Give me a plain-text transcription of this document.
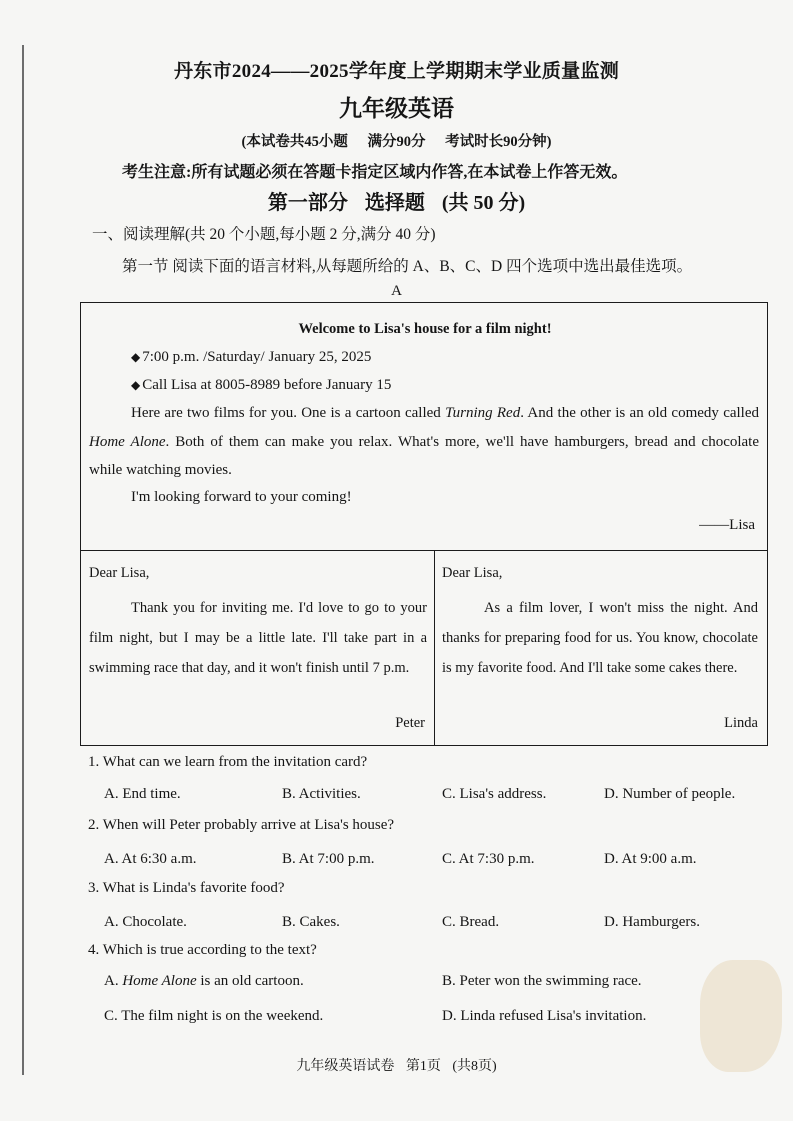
丹东市2024——2025学年度上学期期末学业质量监测
九年级英语
(本试卷共45小题 满分90分 考试时长90分钟)
考生注意:所有试题必须在答题卡指定区域内作答,在本试卷上作答无效。
第一部分 选择题 (共 50 分)
一、阅读理解(共 20 个小题,每小题 2 分,满分 40 分)
第一节 阅读下面的语言材料,从每题所给的 A、B、C、D 四个选项中选出最佳选项。
A
Welcome to Lisa's house for a film night!
◆ 7:00 p.m. /Saturday/ January 25, 2025
◆ Call Lisa at 8005-8989 before January 15
Here are two films for you. One is a cartoon called Turning Red. And the other is an old comedy called Home Alone. Both of them can make you relax. What's more, we'll have hamburgers, bread and chocolate while watching movies.
I'm looking forward to your coming!
——Lisa
Dear Lisa,
Thank you for inviting me. I'd love to go to your film night, but I may be a little late. I'll take part in a swimming race that day, and it won't finish until 7 p.m.
Peter
Dear Lisa,
As a film lover, I won't miss the night. And thanks for preparing food for us. You know, chocolate is my favorite food. And I'll take some cakes there.
Linda
1. What can we learn from the invitation card?
A. End time.	B. Activities.	C. Lisa's address.	D. Number of people.
2. When will Peter probably arrive at Lisa's house?
A. At 6:30 a.m.	B. At 7:00 p.m.	C. At 7:30 p.m.	D. At 9:00 a.m.
3. What is Linda's favorite food?
A. Chocolate.	B. Cakes.	C. Bread.	D. Hamburgers.
4. Which is true according to the text?
A. Home Alone is an old cartoon.	B. Peter won the swimming race.
C. The film night is on the weekend.	D. Linda refused Lisa's invitation.
九年级英语试卷 第1页 (共8页)
